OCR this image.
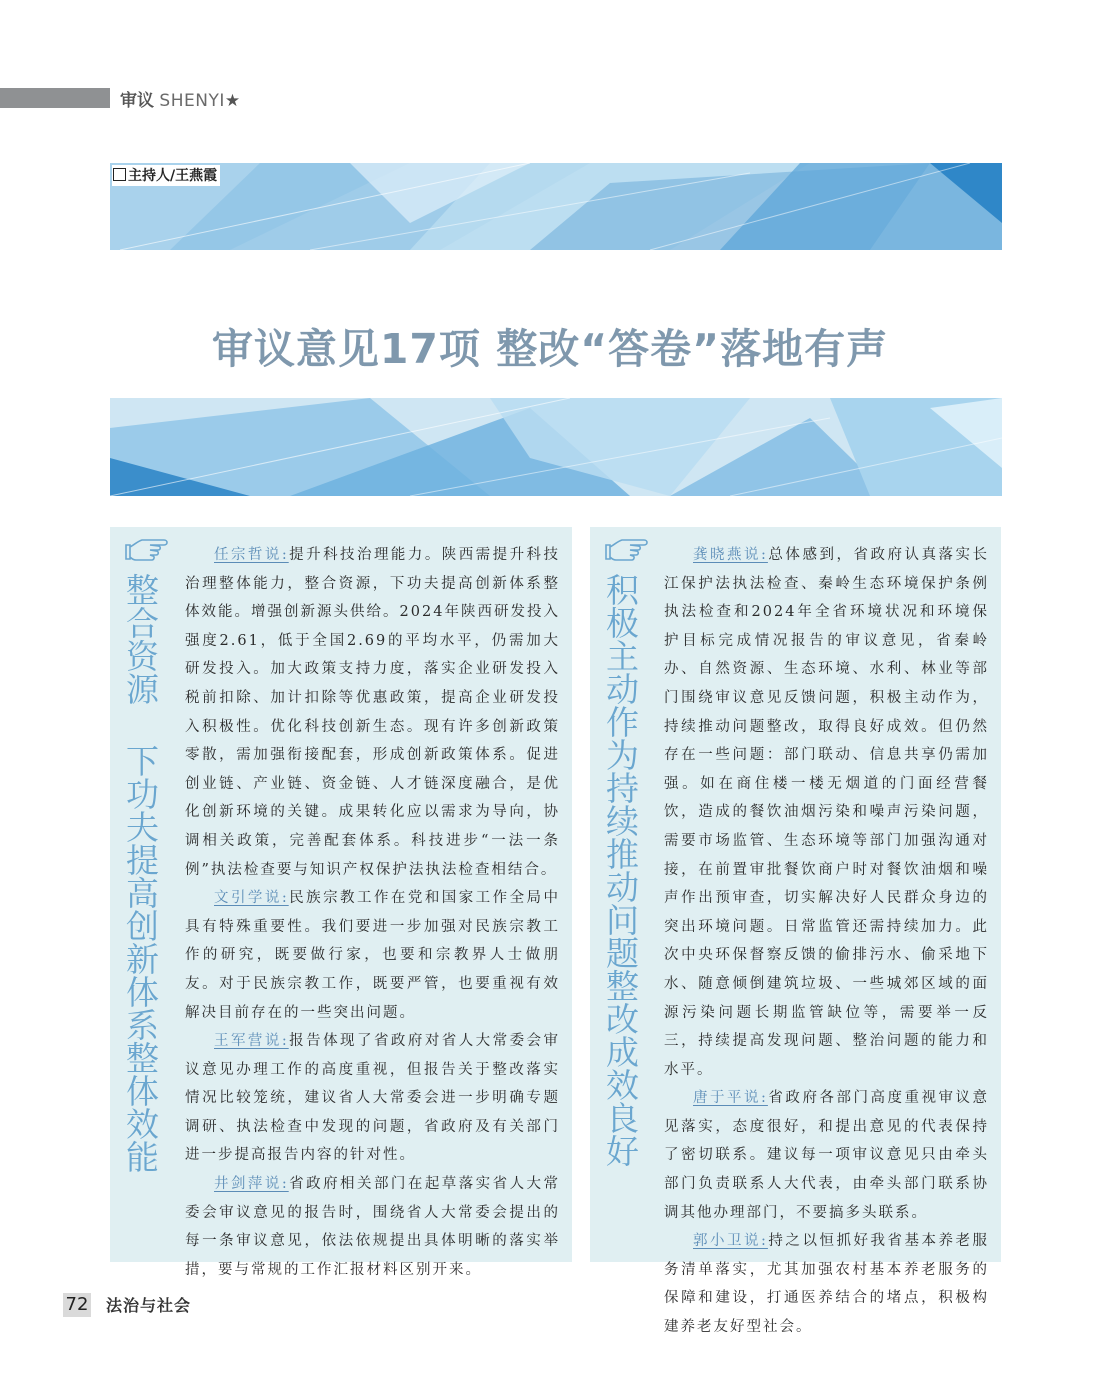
审议 SHENYI★
主持人/王燕霞
审议意见17项 整改“答卷”落地有声
整合资源 下功夫提高创新体系整体效能

任宗哲说:提升科技治理能力。陕西需提升科技治理整体能力，整合资源，下功夫提高创新体系整体效能。增强创新源头供给。2024年陕西研发投入强度2.61，低于全国2.69的平均水平，仍需加大研发投入。加大政策支持力度，落实企业研发投入税前扣除、加计扣除等优惠政策，提高企业研发投入积极性。优化科技创新生态。现有许多创新政策零散，需加强衔接配套，形成创新政策体系。促进创业链、产业链、资金链、人才链深度融合，是优化创新环境的关键。成果转化应以需求为导向，协调相关政策，完善配套体系。科技进步“一法一条例”执法检查要与知识产权保护法执法检查相结合。

文引学说:民族宗教工作在党和国家工作全局中具有特殊重要性。我们要进一步加强对民族宗教工作的研究，既要做行家，也要和宗教界人士做朋友。对于民族宗教工作，既要严管，也要重视有效解决目前存在的一些突出问题。

王军营说:报告体现了省政府对省人大常委会审议意见办理工作的高度重视，但报告关于整改落实情况比较笼统，建议省人大常委会进一步明确专题调研、执法检查中发现的问题，省政府及有关部门进一步提高报告内容的针对性。

井剑萍说:省政府相关部门在起草落实省人大常委会审议意见的报告时，围绕省人大常委会提出的每一条审议意见，依法依规提出具体明晰的落实举措，要与常规的工作汇报材料区别开来。

积极主动作为持续推动问题整改成效良好

龚晓燕说:总体感到，省政府认真落实长江保护法执法检查、秦岭生态环境保护条例执法检查和2024年全省环境状况和环境保护目标完成情况报告的审议意见，省秦岭办、自然资源、生态环境、水利、林业等部门围绕审议意见反馈问题，积极主动作为，持续推动问题整改，取得良好成效。但仍然存在一些问题：部门联动、信息共享仍需加强。如在商住楼一楼无烟道的门面经营餐饮，造成的餐饮油烟污染和噪声污染问题，需要市场监管、生态环境等部门加强沟通对接，在前置审批餐饮商户时对餐饮油烟和噪声作出预审查，切实解决好人民群众身边的突出环境问题。日常监管还需持续加力。此次中央环保督察反馈的偷排污水、偷采地下水、随意倾倒建筑垃圾、一些城郊区域的面源污染问题长期监管缺位等，需要举一反三，持续提高发现问题、整治问题的能力和水平。

唐于平说:省政府各部门高度重视审议意见落实，态度很好，和提出意见的代表保持了密切联系。建议每一项审议意见只由牵头部门负责联系人大代表，由牵头部门联系协调其他办理部门，不要搞多头联系。

郭小卫说:持之以恒抓好我省基本养老服务清单落实，尤其加强农村基本养老服务的保障和建设，打通医养结合的堵点，积极构建养老友好型社会。

72 法治与社会
